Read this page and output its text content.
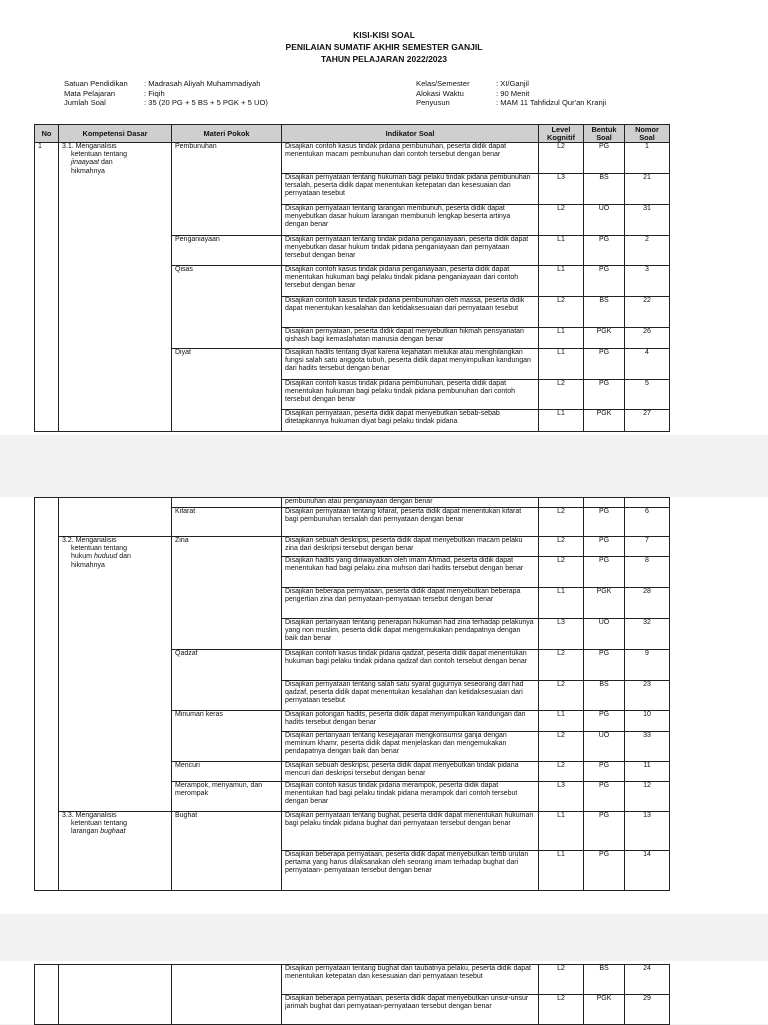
KISI-KISI SOAL
PENILAIAN SUMATIF AKHIR SEMESTER GANJIL
TAHUN PELAJARAN 2022/2023
Satuan Pendidikan	: Madrasah Aliyah Muhammadiyah
Mata Pelajaran	: Fiqih
Jumlah Soal	: 35 (20 PG + 5 BS + 5 PGK + 5 UO)
Kelas/Semester	: XI/Ganjil
Alokasi Waktu	: 90 Menit
Penyusun	: MAM 11 Tahfidzul Qur'an Kranji
No	Kompetensi Dasar	Materi Pokok	Indikator Soal	Level Kognitif	Bentuk Soal	Nomor Soal
1	3.1. Menganalisis
ketentuan tentang
jinaayaat dan
hikmahnya	Pembunuhan	Disajikan contoh kasus tindak pidana pembunuhan, peserta didik dapat menentukan macam pembunuhan dari contoh tersebut dengan benar	L2	PG	1
			Disajikan pernyataan tentang hukuman bagi pelaku tindak pidana pembunuhan tersalah, peserta didik dapat menentukan ketepatan dan kesesuaian dari pernyataan tesebut	L3	BS	21
			Disajikan pernyataan tentang larangan membunuh, peserta didik dapat menyebutkan dasar hukum larangan membunuh lengkap beserta artinya dengan benar	L2	UO	31
		Penganiayaan	Disajikan pernyataan tentang tindak pidana penganiayaan, peserta didik dapat menyebutkan dasar hukum tindak pidana penganiayaan dari pernyataan tersebut dengan benar	L1	PG	2
		Qisas	Disajikan contoh kasus tindak pidana penganiayaan, peserta didik dapat menentukan hukuman bagi pelaku tindak pidana penganiayaan dari contoh tersebut dengan benar	L1	PG	3
			Disajikan contoh kasus tindak pidana pembunuhan oleh massa, peserta didik dapat menentukan kesalahan dan ketidaksesuaian dari pernyataan tesebut	L2	BS	22
			Disajikan pernyataan, peserta didik dapat menyebutkan hikmah pensyariatan qishash bagi kemaslahatan manusia dengan benar	L1	PGK	26
		Diyat	Disajikan hadits tentang diyat karena kejahatan melukai atau menghilangkan fungsi salah satu anggota tubuh, peserta didik dapat menyimpulkan kandungan dari hadits tersebut dengan benar	L1	PG	4
			Disajikan contoh kasus tindak pidana pembunuhan, peserta didik dapat menentukan hukuman bagi pelaku tindak pidana pembunuhan dari contoh tersebut dengan benar	L2	PG	5
			Disajikan pernyataan, peserta didik dapat menyebutkan sebab-sebab ditetapkannya hukuman diyat bagi pelaku tindak pidana	L1	PGK	27
			pembunuhan atau penganiayaan dengan benar			
		Kifarat	Disajikan pernyataan tentang kifarat, peserta didik dapat menentukan kifarat bagi pembunuhan tersalah dari pernyataan dengan benar	L2	PG	6

	3.2. Menganalisis
ketentuan tentang
hukum huduud dan
hikmahnya	Zina	Disajikan sebuah deskripsi, peserta didik dapat menyebutkan macam pelaku zina dari deskripsi tersebut dengan benar	L2	PG	7
			Disajikan hadits yang diriwayatkan oleh imam Ahmad, peserta didik dapat menentukan had bagi pelaku zina muhson dari hadits tersebut dengan benar	L2	PG	8
			Disajikan beberapa pernyataan, peserta didik dapat menyebutkan beberapa pengertian zina dari pernyataan-pernyataan tersebut dengan benar	L1	PGK	28
			Disajikan pertanyaan tentang penerapan hukuman had zina terhadap pelakunya yang non muslim, peserta didik dapat mengemukakan pendapatnya dengan baik dan benar	L3	UO	32
		Qadzaf	Disajikan contoh kasus tindak pidana qadzaf, peserta didik dapat menentukan hukuman bagi pelaku tindak pidana qadzaf dari contoh tersebut dengan benar	L2	PG	9
			Disajikan pernyataan tentang salah satu syarat gugurnya seseorang dari had qadzaf, peserta didik dapat menentukan kesalahan dan ketidaksesuaian dari pernyataan tesebut	L2	BS	23
		Minuman keras	Disajikan potongan hadits, peserta didik dapat menyimpulkan kandungan dari hadits tersebut dengan benar	L1	PG	10
			Disajikan pertanyaan tentang kesejajaran mengkonsumsi ganja dengan meminum khamr, peserta didik dapat menjelaskan dan mengemukakan pendapatnya dengan baik dan benar	L2	UO	33
		Mencuri	Disajikan sebuah deskripsi, peserta didik dapat menyebutkan tindak pidana mencuri dari deskripsi tersebut dengan benar	L2	PG	11
		Merampok, menyamun, dan merompak	Disajikan contoh kasus tindak pidana merampok, peserta didik dapat menentukan had bagi pelaku tindak pidana merampok dari contoh tersebut dengan benar	L3	PG	12

	3.3. Menganalisis
ketentuan tentang
larangan bughaat	Bughat	Disajikan pernyataan tentang bughat, peserta didik dapat menentukan hukuman bagi pelaku tindak pidana bughat dari pernyataan tersebut dengan benar	L1	PG	13
			Disajikan beberapa pernyataan, peserta didik dapat menyebutkan tertib urutan pertama yang harus dilaksanakan oleh seorang imam terhadap bughat dari pernyataan- pernyataan tersebut dengan benar	L1	PG	14
			Disajikan pernyataan tentang bughat dan taubatnya pelaku, peserta didik dapat menentukan ketepatan dan kesesuaian dari pernyataan tesebut	L2	BS	24
			Disajikan beberapa pernyataan, peserta didik dapat menyebutkan unsur-unsur jarimah bughat dari pernyataan-pernyataan tersebut dengan benar	L2	PGK	29
